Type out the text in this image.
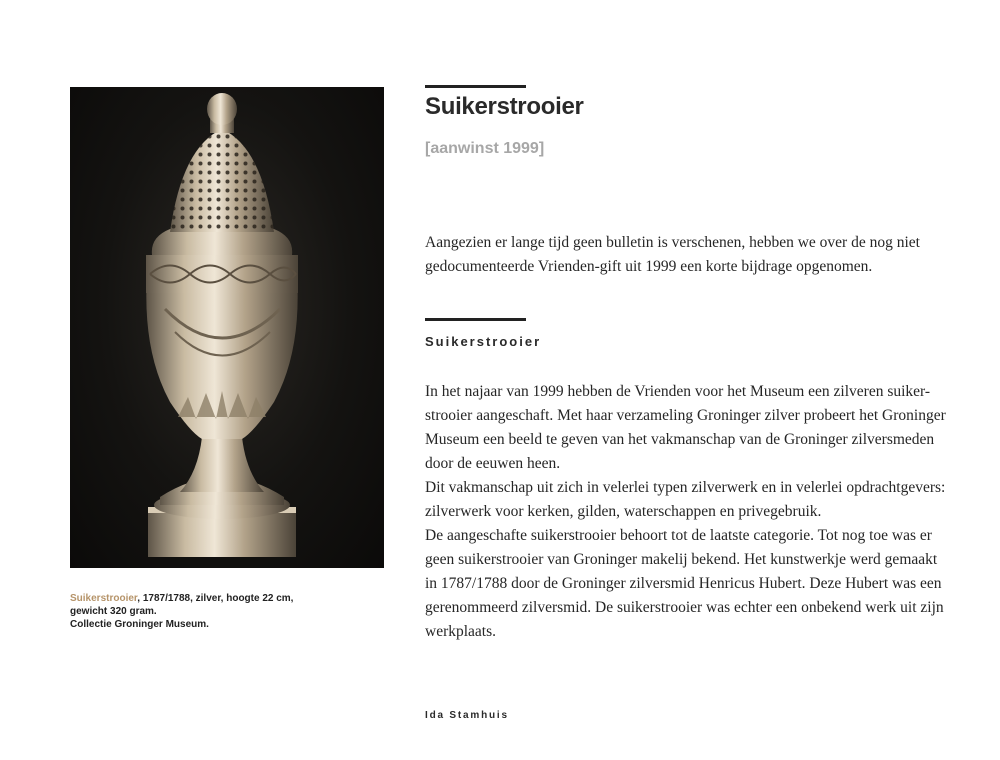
Suikerstrooier, 1787/1788, zilver, hoogte 22 cm,
gewicht 320 gram.
Collectie Groninger Museum.
Suikerstrooier
[aanwinst 1999]

Aangezien er lange tijd geen bulletin is verschenen, hebben we over de nog niet

gedocumenteerde Vrienden-gift uit 1999 een korte bijdrage opgenomen.

Suikerstrooier

In het najaar van 1999 hebben de Vrienden voor het Museum een zilveren suiker-

strooier aangeschaft. Met haar verzameling Groninger zilver probeert het Groninger

Museum een beeld te geven van het vakmanschap van de Groninger zilversmeden

door de eeuwen heen.

Dit vakmanschap uit zich in velerlei typen zilverwerk en in velerlei opdrachtgevers:

zilverwerk voor kerken, gilden, waterschappen en privegebruik.

De aangeschafte suikerstrooier behoort tot de laatste categorie. Tot nog toe was er

geen suikerstrooier van Groninger makelij bekend. Het kunstwerkje werd gemaakt

in 1787/1788 door de Groninger zilversmid Henricus Hubert. Deze Hubert was een

gerenommeerd zilversmid. De suikerstrooier was echter een onbekend werk uit zijn

werkplaats.

Ida Stamhuis
